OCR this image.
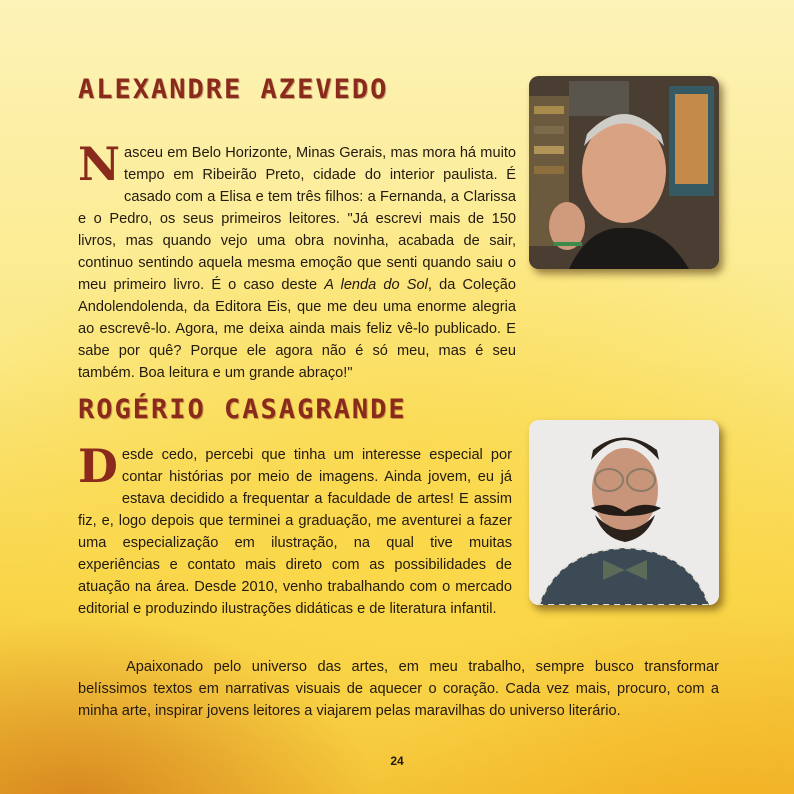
ALEXANDRE AZEVEDO

Nasceu em Belo Horizonte, Minas Gerais, mas mora há muito tempo em Ribeirão Preto, cidade do interior paulista. É casado com a Elisa e tem três filhos: a Fernanda, a Clarissa e o Pedro, os seus primeiros leitores. "Já escrevi mais de 150 livros, mas quando vejo uma obra novinha, acabada de sair, continuo sentindo aquela mesma emoção que senti quando saiu o meu primeiro livro. É o caso deste A lenda do Sol, da Coleção Andolendolenda, da Editora Eis, que me deu uma enorme alegria ao escrevê-lo. Agora, me deixa ainda mais feliz vê-lo publicado. E sabe por quê? Porque ele agora não é só meu, mas é seu também. Boa leitura e um grande abraço!"

ROGÉRIO CASAGRANDE

Desde cedo, percebi que tinha um interesse especial por contar histórias por meio de imagens. Ainda jovem, eu já estava decidido a frequentar a faculdade de artes! E assim fiz, e, logo depois que terminei a graduação, me aventurei a fazer uma especialização em ilustração, na qual tive muitas experiências e contato mais direto com as possibilidades de atuação na área. Desde 2010, venho trabalhando com o mercado editorial e produzindo ilustrações didáticas e de literatura infantil.

Apaixonado pelo universo das artes, em meu trabalho, sempre busco transformar belíssimos textos em narrativas visuais de aquecer o coração. Cada vez mais, procuro, com a minha arte, inspirar jovens leitores a viajarem pelas maravilhas do universo literário.

24
